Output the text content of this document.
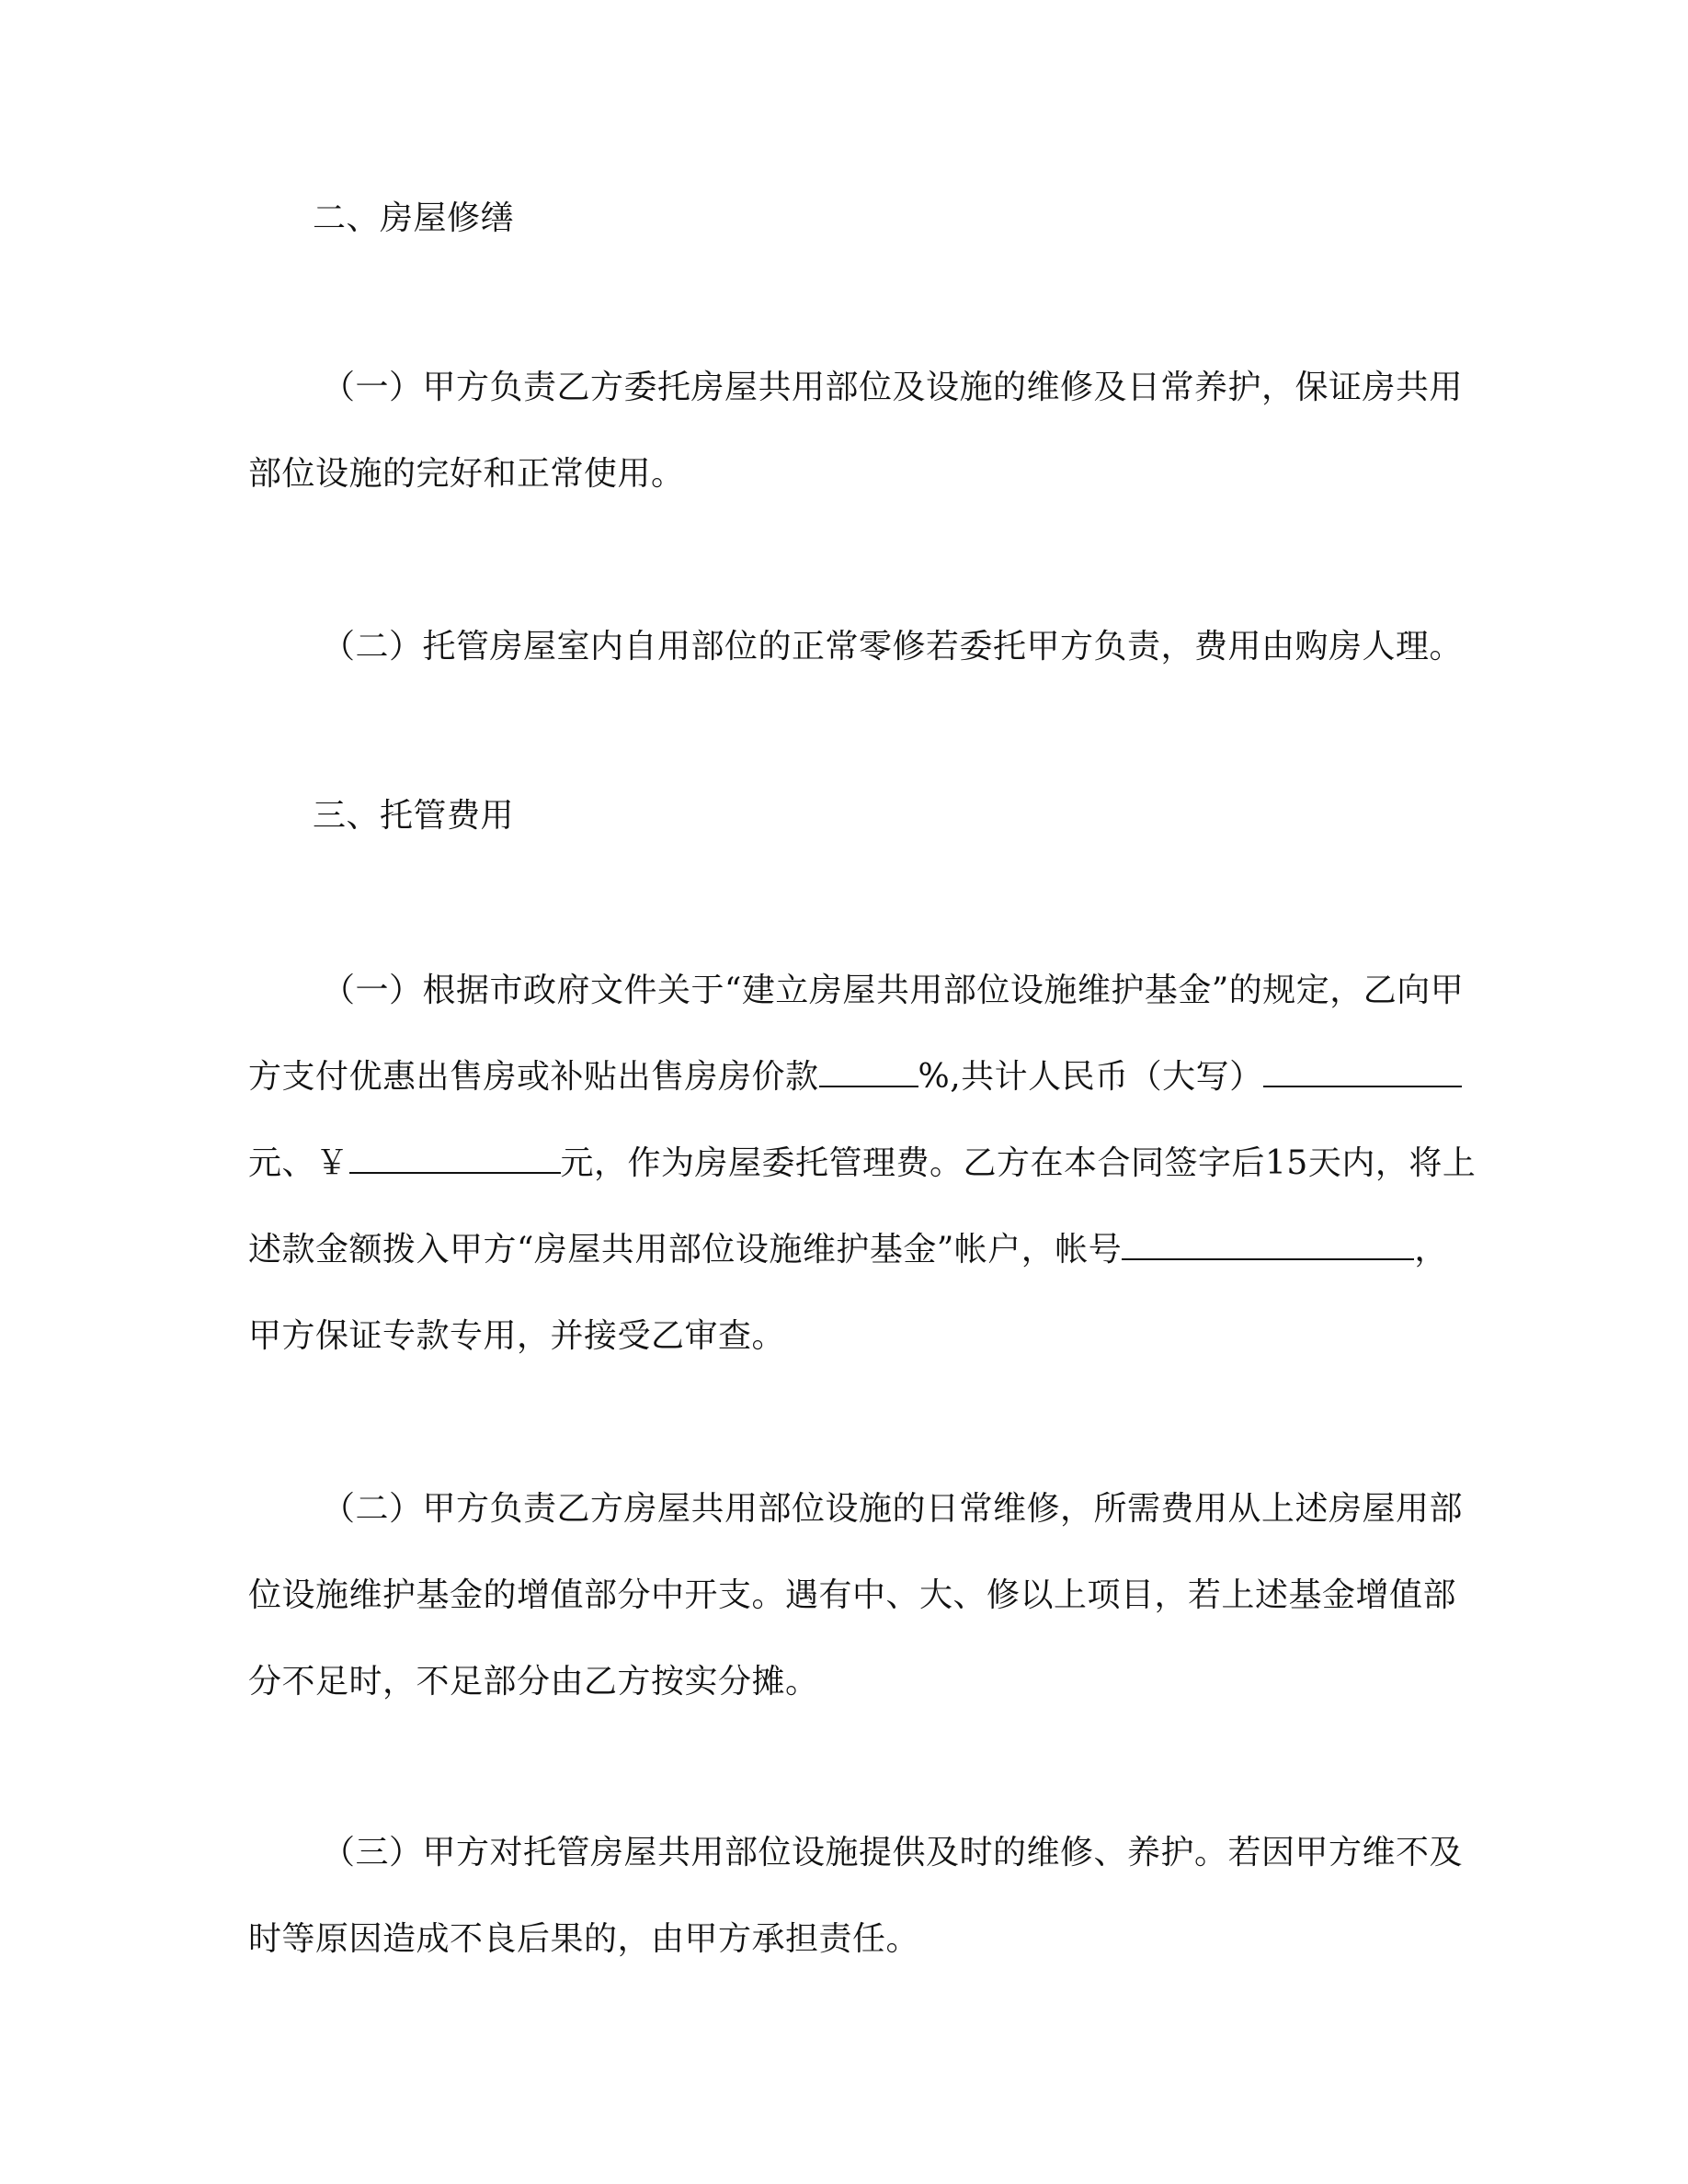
二、房屋修缮
（一）甲方负责乙方委托房屋共用部位及设施的维修及日常养护，保证房共用
部位设施的完好和正常使用。
（二）托管房屋室内自用部位的正常零修若委托甲方负责，费用由购房人理。
三、托管费用
（一）根据市政府文件关于“建立房屋共用部位设施维护基金”的规定，乙向甲
方支付优惠出售房或补贴出售房房价款	%,共计人民币（大写）
元、￥	元，作为房屋委托管理费。乙方在本合同签字后15天内，将上
述款金额拨入甲方“房屋共用部位设施维护基金”帐户，帐号	，
甲方保证专款专用，并接受乙审查。
（二）甲方负责乙方房屋共用部位设施的日常维修，所需费用从上述房屋用部
位设施维护基金的增值部分中开支。遇有中、大、修以上项目，若上述基金增值部
分不足时，不足部分由乙方按实分摊。
（三）甲方对托管房屋共用部位设施提供及时的维修、养护。若因甲方维不及
时等原因造成不良后果的，由甲方承担责任。
